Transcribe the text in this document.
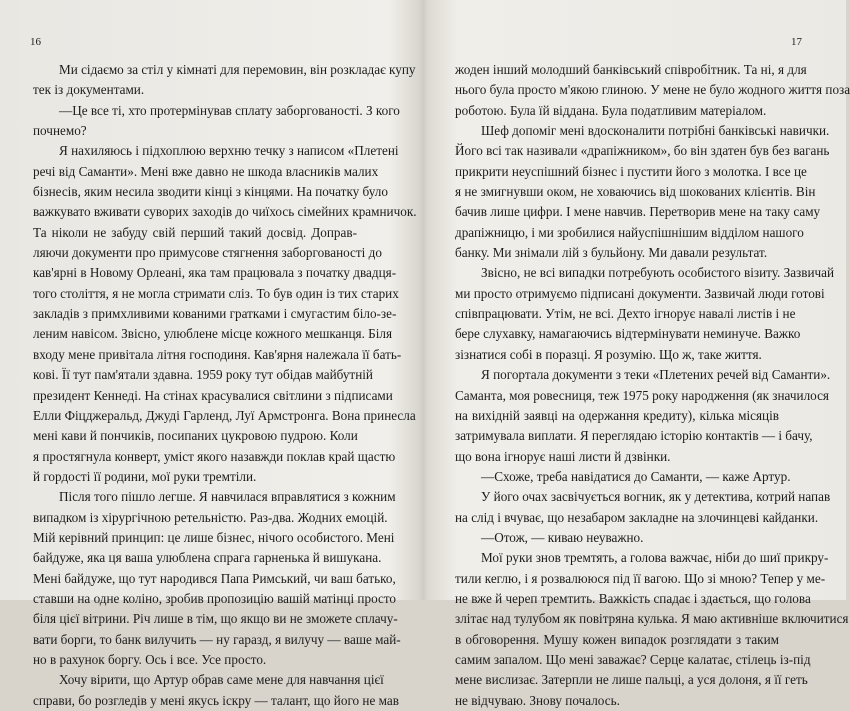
16
Ми сідаємо за стіл у кімнаті для перемовин, він розкладає купу
тек із документами.
—Це все ті, хто протермінував сплату заборгованості. З кого
почнемо?
Я нахиляюсь і підхоплюю верхню течку з написом «Плетені
речі від Саманти». Мені вже давно не шкода власників малих
бізнесів, яким несила зводити кінці з кінцями. На початку було
важкувато вживати суворих заходів до чиїхось сімейних крамничок.
Та ніколи не забуду свій перший такий досвід. Доправ-
ляючи документи про примусове стягнення заборгованості до
кав'ярні в Новому Орлеані, яка там працювала з початку двадця-
того століття, я не могла стримати сліз. То був один із тих старих
закладів з примхливими кованими гратками і смугастим біло-зе-
леним навісом. Звісно, улюблене місце кожного мешканця. Біля
входу мене привітала літня господиня. Кав'ярня належала її бать-
кові. Її тут пам'ятали здавна. 1959 року тут обідав майбутній
президент Кеннеді. На стінах красувалися світлини з підписами
Елли Фіцджеральд, Джуді Гарленд, Луї Армстронга. Вона принесла
мені кави й пончиків, посипаних цукровою пудрою. Коли
я простягнула конверт, уміст якого назавжди поклав край щастю
й гордості її родини, мої руки тремтіли.
Після того пішло легше. Я навчилася вправлятися з кожним
випадком із хірургічною ретельністю. Раз-два. Жодних емоцій.
Мій керівний принцип: це лише бізнес, нічого особистого. Мені
байдуже, яка ця ваша улюблена спрага гарненька й вишукана.
Мені байдуже, що тут народився Папа Римський, чи ваш батько,
ставши на одне коліно, зробив пропозицію вашій матінці просто
біля цієї вітрини. Річ лише в тім, що якщо ви не зможете сплачу-
вати борги, то банк вилучить — ну гаразд, я вилучу — ваше май-
но в рахунок боргу. Ось і все. Усе просто.
Хочу вірити, що Артур обрав саме мене для навчання цієї
справи, бо розгледів у мені якусь іскру — талант, що його не мав
17
жоден інший молодший банківський співробітник. Та ні, я для
нього була просто м'якою глиною. У мене не було жодного життя поза
роботою. Була їй віддана. Була податливим матеріалом.
Шеф допоміг мені вдосконалити потрібні банківські навички.
Його всі так називали «драпіжником», бо він здатен був без вагань
прикрити неуспішний бізнес і пустити його з молотка. І все це
я не змигнувши оком, не ховаючись від шокованих клієнтів. Він
бачив лише цифри. І мене навчив. Перетворив мене на таку саму
драпіжницю, і ми зробилися найуспішнішим відділом нашого
банку. Ми знімали лій з бульйону. Ми давали результат.
Звісно, не всі випадки потребують особистого візиту. Зазвичай
ми просто отримуємо підписані документи. Зазвичай люди готові
співпрацювати. Утім, не всі. Дехто ігнорує навалі листів і не
бере слухавку, намагаючись відтермінувати неминуче. Важко
зізнатися собі в поразці. Я розумію. Що ж, таке життя.
Я погортала документи з теки «Плетених речей від Саманти».
Саманта, моя ровесниця, теж 1975 року народження (як значилося
на вихідній заявці на одержання кредиту), кілька місяців
затримувала виплати. Я переглядаю історію контактів — і бачу,
що вона ігнорує наші листи й дзвінки.
—Схоже, треба навідатися до Саманти, — каже Артур.
У його очах засвічується вогник, як у детектива, котрий напав
на слід і вчуває, що незабаром закладне на злочинцеві кайданки.
—Отож, — киваю неуважно.
Мої руки знов тремтять, а голова важчає, ніби до шиї прикру-
тили кеглю, і я розвалююся під її вагою. Що зі мною? Тепер у ме-
не вже й череп тремтить. Важкість спадає і здається, що голова
злітає над тулубом як повітряна кулька. Я маю активніше включитися
в обговорення. Мушу кожен випадок розглядати з таким
самим запалом. Що мені заважає? Серце калатає, стілець із-під
мене вислизає. Затерпли не лише пальці, а уся долоня, я її геть
не відчуваю. Знову почалось.
